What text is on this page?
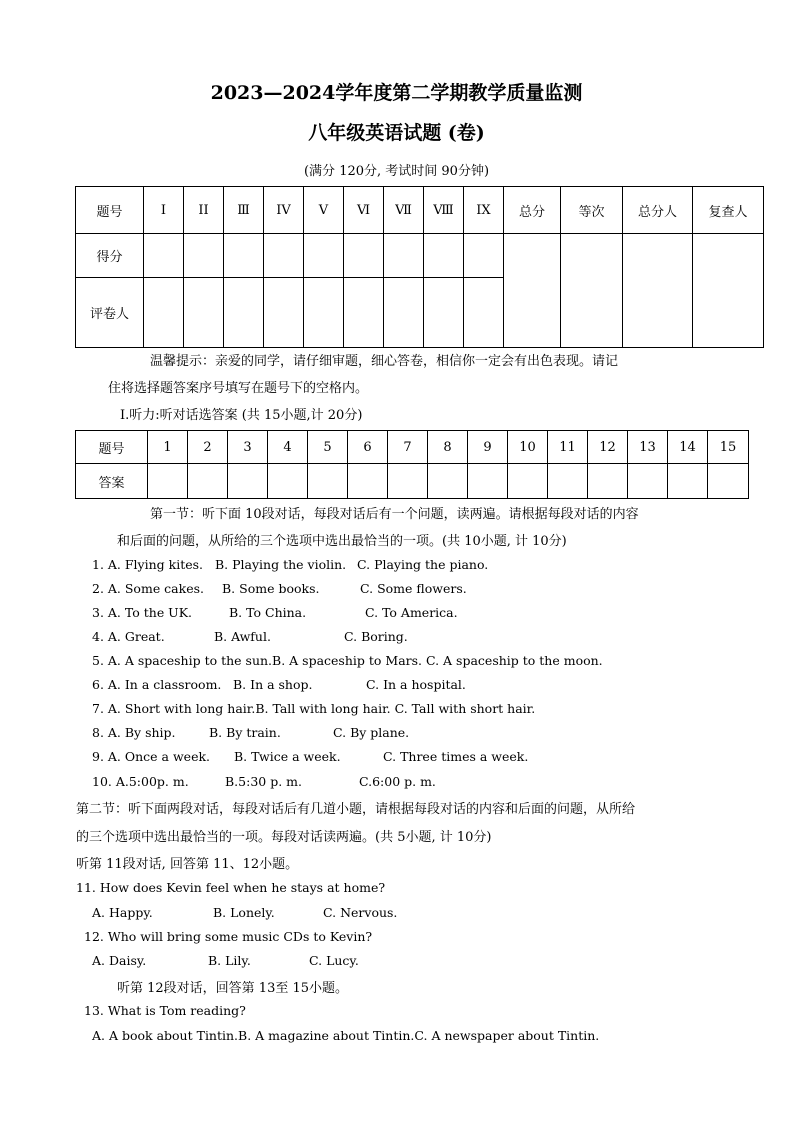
2023—2024学年度第二学期教学质量监测
八年级英语试题 (卷)
(满分 120分, 考试时间 90分钟)
题号	I	II	Ⅲ	IV	V	Ⅵ	Ⅶ	Ⅷ	IX	总分	等次	总分人	复查人
得分													
评卷人													
温馨提示：亲爱的同学，请仔细审题，细心答卷，相信你一定会有出色表现。请记
住将选择题答案序号填写在题号下的空格内。
Ⅰ.听力:听对话选答案 (共 15小题,计 20分)
题号	1	2	3	4	5	6	7	8	9	10	11	12	13	14	15
答案															
第一节：听下面 10段对话，每段对话后有一个问题，读两遍。请根据每段对话的内容
和后面的问题，从所给的三个选项中选出最恰当的一项。(共 10小题, 计 10分)
1. A. Flying kites. B. Playing the violin. C. Playing the piano.
2. A. Some cakes. B. Some books.	C. Some flowers.
3. A. To the UK.	B. To China.	C. To America.
4. A. Great.	B. Awful.	C. Boring.
5. A. A spaceship to the sun.B. A spaceship to Mars. C. A spaceship to the moon.
6. A. In a classroom. B. In a shop.	C. In a hospital.
7. A. Short with long hair.B. Tall with long hair. C. Tall with short hair.
8. A. By ship.	B. By train.	C. By plane.
9. A. Once a week. B. Twice a week.	C. Three times a week.
10. A.5:00p. m.	B.5:30 p. m.	C.6:00 p. m.
第二节：听下面两段对话，每段对话后有几道小题，请根据每段对话的内容和后面的问题，从所给
的三个选项中选出最恰当的一项。每段对话读两遍。(共 5小题, 计 10分)
听第 11段对话, 回答第 11、12小题。
11. How does Kevin feel when he stays at home?
A. Happy.	B. Lonely.	C. Nervous.
12. Who will bring some music CDs to Kevin?
A. Daisy.	B. Lily.	C. Lucy.
听第 12段对话，回答第 13至 15小题。
13. What is Tom reading?
A. A book about Tintin.B. A magazine about Tintin.C. A newspaper about Tintin.
